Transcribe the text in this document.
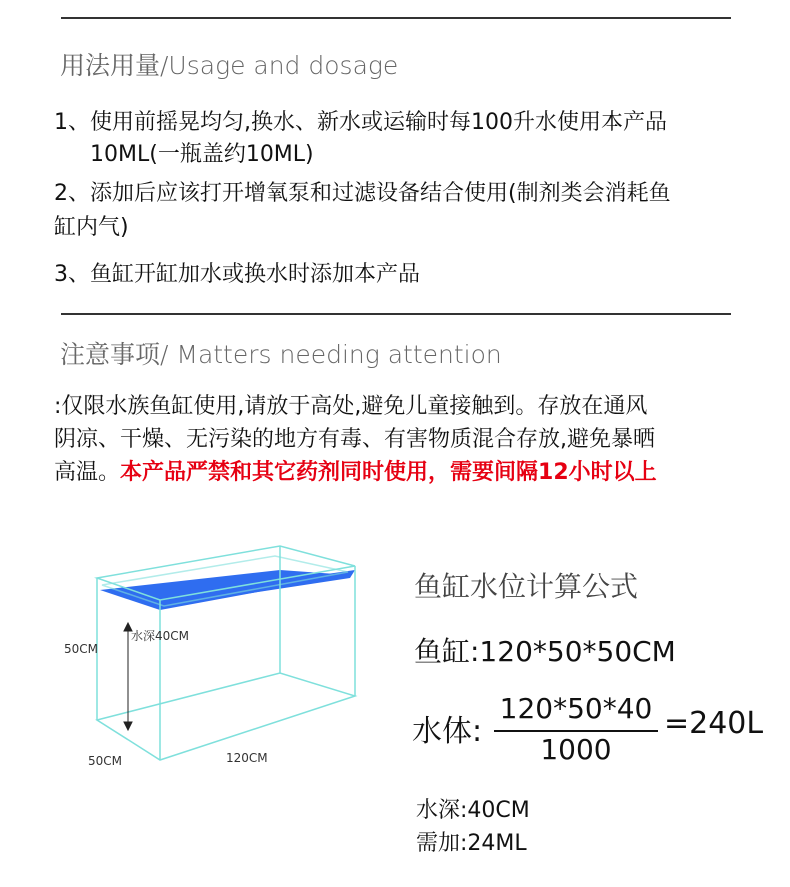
用法用量/Usage and dosage
1、使用前摇晃均匀,换水、新水或运输时每100升水使用本产品
10ML(一瓶盖约10ML)
2、添加后应该打开增氧泵和过滤设备结合使用(制剂类会消耗鱼
缸内气)
3、鱼缸开缸加水或换水时添加本产品
注意事项/ Matters needing attention
:仅限水族鱼缸使用,请放于高处,避免儿童接触到。存放在通风
阴凉、干燥、无污染的地方有毒、有害物质混合存放,避免暴晒
高温。本产品严禁和其它药剂同时使用，需要间隔12小时以上
50CM
水深40CM
50CM	120CM
鱼缸水位计算公式
鱼缸:120*50*50CM
水体:
120*50*40
1000
=240L
水深:40CM
需加:24ML
